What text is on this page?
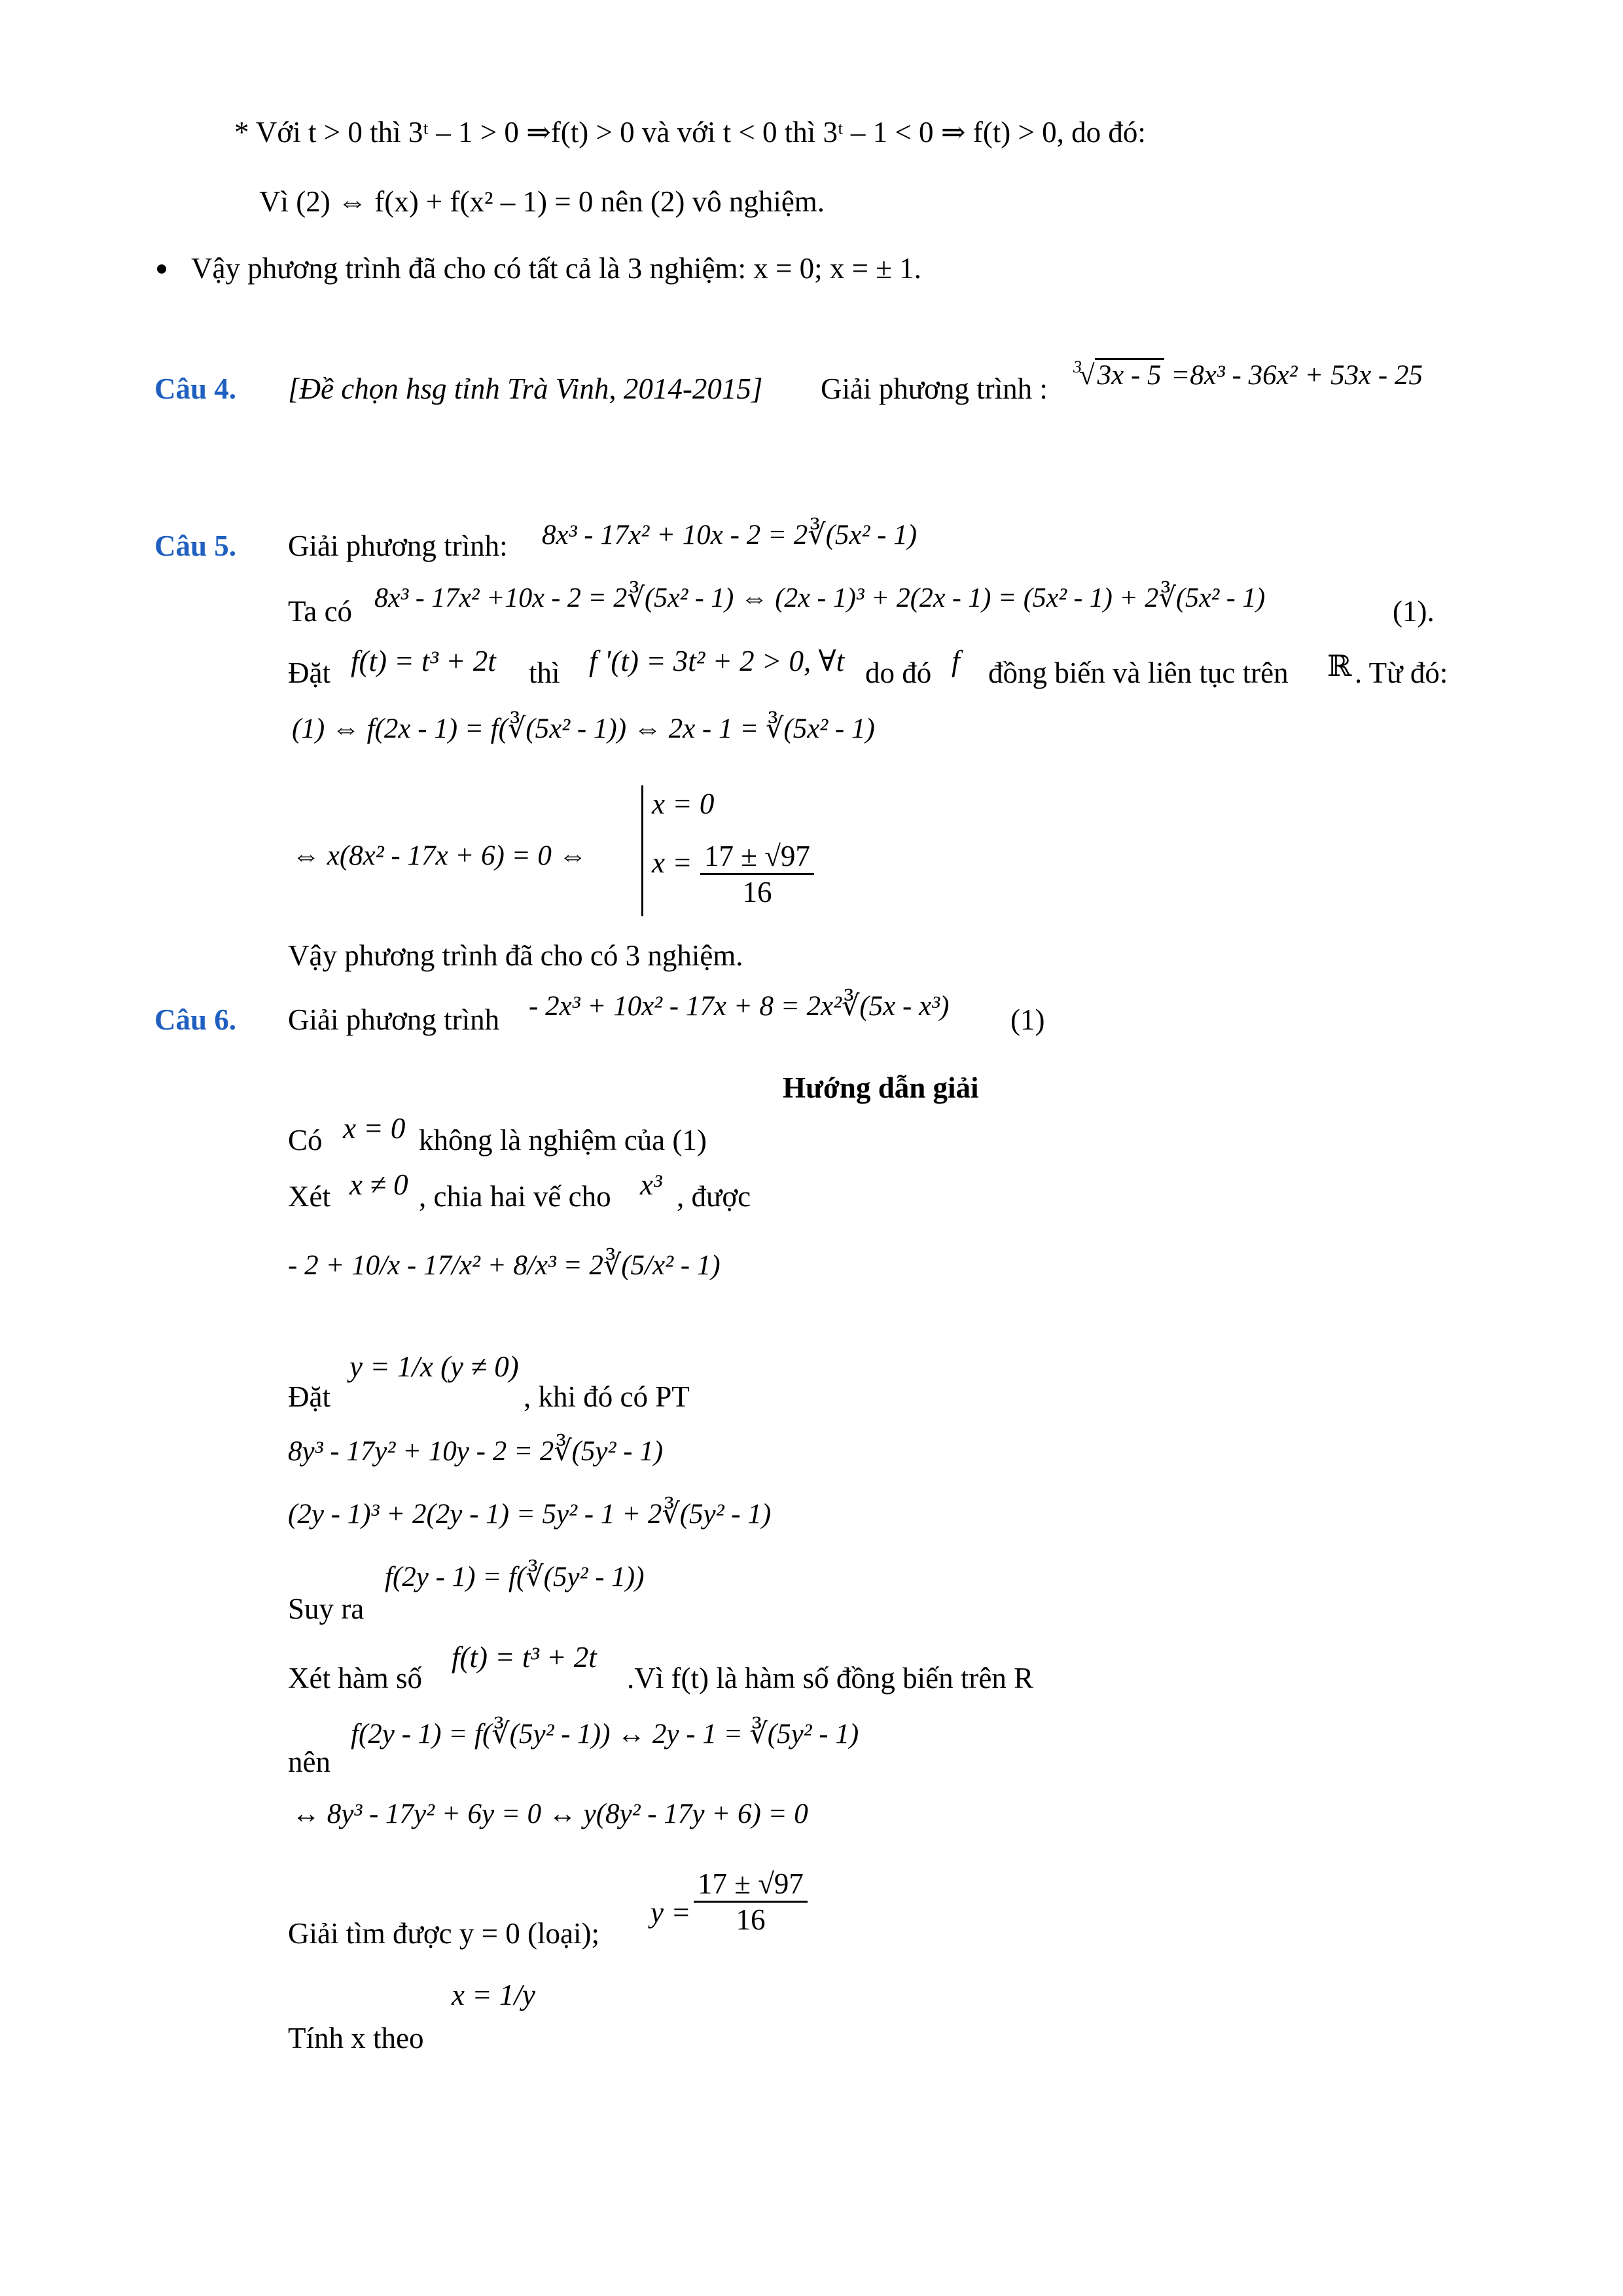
* Với t > 0 thì 3ᵗ – 1 > 0 ⇒f(t) > 0 và với t < 0 thì 3ᵗ – 1 < 0 ⇒ f(t) > 0, do đó:
Vì (2) ⇔ f(x) + f(x² – 1) = 0 nên (2) vô nghiệm.
Vậy phương trình đã cho có tất cả là 3 nghiệm: x = 0; x = ± 1.
Câu 4. [Đề chọn hsg tỉnh Trà Vinh, 2014-2015] Giải phương trình :
$^3$√3x - 5 =8x³ - 36x² + 53x - 25
Câu 5. Giải phương trình: 8x³ - 17x² + 10x - 2 = 2∛(5x² - 1)
Ta có 8x³ - 17x² +10x - 2 = 2∛(5x² - 1) ⇔ (2x - 1)³ + 2(2x - 1) = (5x² - 1) + 2∛(5x² - 1)	(1).
Đặt f(t) = t³ + 2t thì f '(t) = 3t² + 2 > 0, ∀t do đó f đồng biến và liên tục trên ℝ . Từ đó:
(1) ⇔ f(2x - 1) = f(∛(5x² - 1)) ⇔ 2x - 1 = ∛(5x² - 1)
⇔ x(8x² - 17x + 6) = 0 ⇔
x = 0
$x = \frac{17 \pm √97}{16}$
Vậy phương trình đã cho có 3 nghiệm.
Câu 6. Giải phương trình - 2x³ + 10x² - 17x + 8 = 2x²∛(5x - x³) (1)
Hướng dẫn giải
Có x = 0 không là nghiệm của (1)
Xét x ≠ 0 , chia hai vế cho x³ , được
- 2 + 10/x - 17/x² + 8/x³ = 2∛(5/x² - 1)
Đặt
y = 1/x (y ≠ 0)
, khi đó có PT
8y³ - 17y² + 10y - 2 = 2∛(5y² - 1)
(2y - 1)³ + 2(2y - 1) = 5y² - 1 + 2∛(5y² - 1)
Suy ra
f(2y - 1) = f(∛(5y² - 1))
Xét hàm số
f(t) = t³ + 2t
.Vì f(t) là hàm số đồng biến trên R
nên
f(2y - 1) = f(∛(5y² - 1)) ↔ 2y - 1 = ∛(5y² - 1)
↔ 8y³ - 17y² + 6y = 0 ↔ y(8y² - 17y + 6) = 0
Giải tìm được y = 0 (loại);
$y = \frac{17 \pm √97}{16}$
Tính x theo
x = 1/y
